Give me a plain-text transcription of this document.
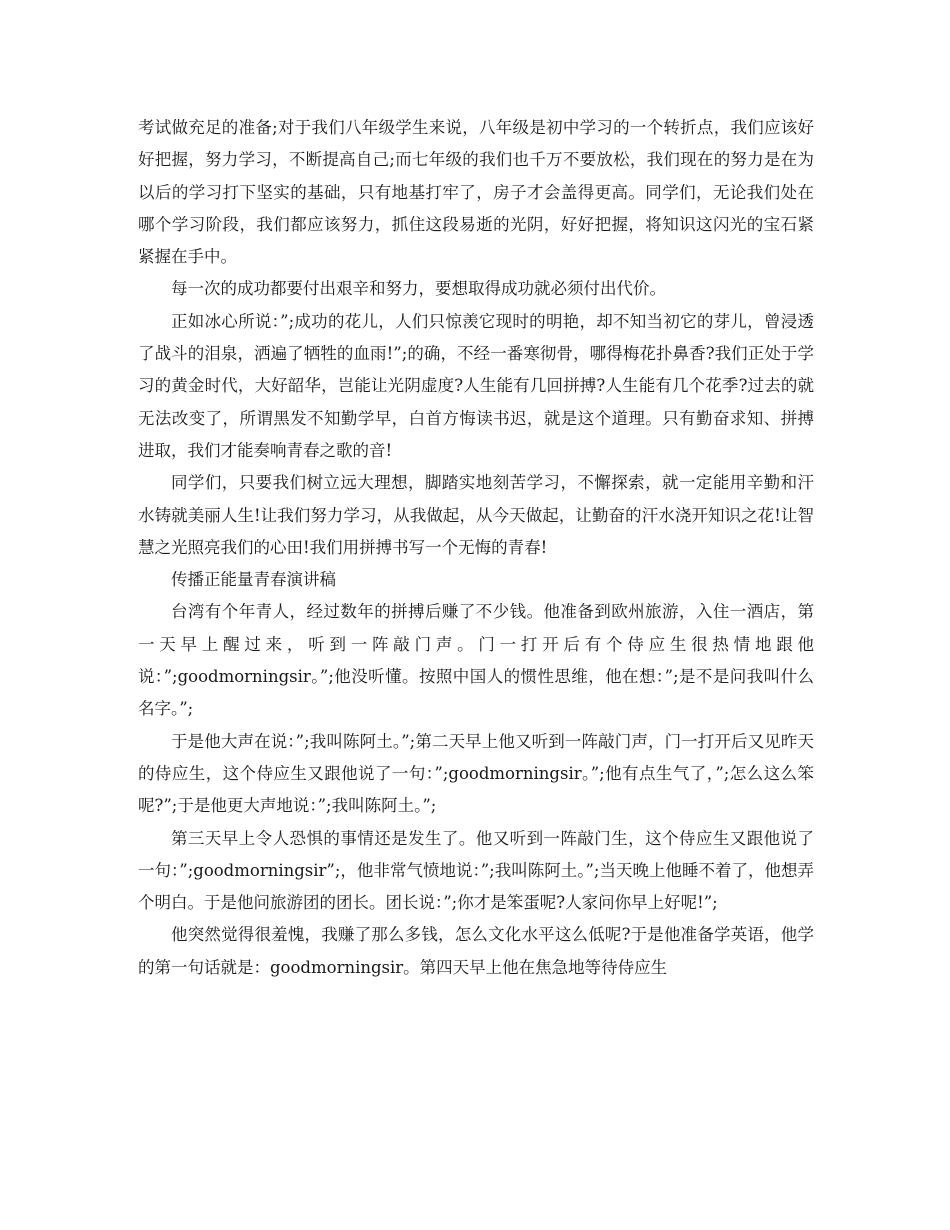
考试做充足的准备;对于我们八年级学生来说，八年级是初中学习的一个转折点，我们应该好好把握，努力学习，不断提高自己;而七年级的我们也千万不要放松，我们现在的努力是在为以后的学习打下坚实的基础，只有地基打牢了，房子才会盖得更高。同学们，无论我们处在哪个学习阶段，我们都应该努力，抓住这段易逝的光阴，好好把握，将知识这闪光的宝石紧紧握在手中。

每一次的成功都要付出艰辛和努力，要想取得成功就必须付出代价。

正如冰心所说：”;成功的花儿，人们只惊羡它现时的明艳，却不知当初它的芽儿，曾浸透了战斗的泪泉，洒遍了牺牲的血雨!”;的确，不经一番寒彻骨，哪得梅花扑鼻香?我们正处于学习的黄金时代，大好韶华，岂能让光阴虚度?人生能有几回拼搏?人生能有几个花季?过去的就无法改变了，所谓黑发不知勤学早，白首方悔读书迟，就是这个道理。只有勤奋求知、拼搏进取，我们才能奏响青春之歌的音!

同学们，只要我们树立远大理想，脚踏实地刻苦学习，不懈探索，就一定能用辛勤和汗水铸就美丽人生!让我们努力学习，从我做起，从今天做起，让勤奋的汗水浇开知识之花!让智慧之光照亮我们的心田!我们用拼搏书写一个无悔的青春!

传播正能量青春演讲稿

台湾有个年青人，经过数年的拼搏后赚了不少钱。他准备到欧州旅游，入住一酒店，第一天早上醒过来，听到一阵敲门声。门一打开后有个侍应生很热情地跟他说：”;goodmorningsir。”;他没听懂。按照中国人的惯性思维，他在想：”;是不是问我叫什么名字。”;

于是他大声在说：”;我叫陈阿土。”;第二天早上他又听到一阵敲门声，门一打开后又见昨天的侍应生，这个侍应生又跟他说了一句：”;goodmorningsir。”;他有点生气了，”;怎么这么笨呢?”;于是他更大声地说：”;我叫陈阿土。”;

第三天早上令人恐惧的事情还是发生了。他又听到一阵敲门生，这个侍应生又跟他说了一句：”;goodmorningsir”;，他非常气愤地说：”;我叫陈阿土。”;当天晚上他睡不着了，他想弄个明白。于是他问旅游团的团长。团长说：”;你才是笨蛋呢?人家问你早上好呢!”;

他突然觉得很羞愧，我赚了那么多钱，怎么文化水平这么低呢?于是他准备学英语，他学的第一句话就是：goodmorningsir。第四天早上他在焦急地等待侍应生
